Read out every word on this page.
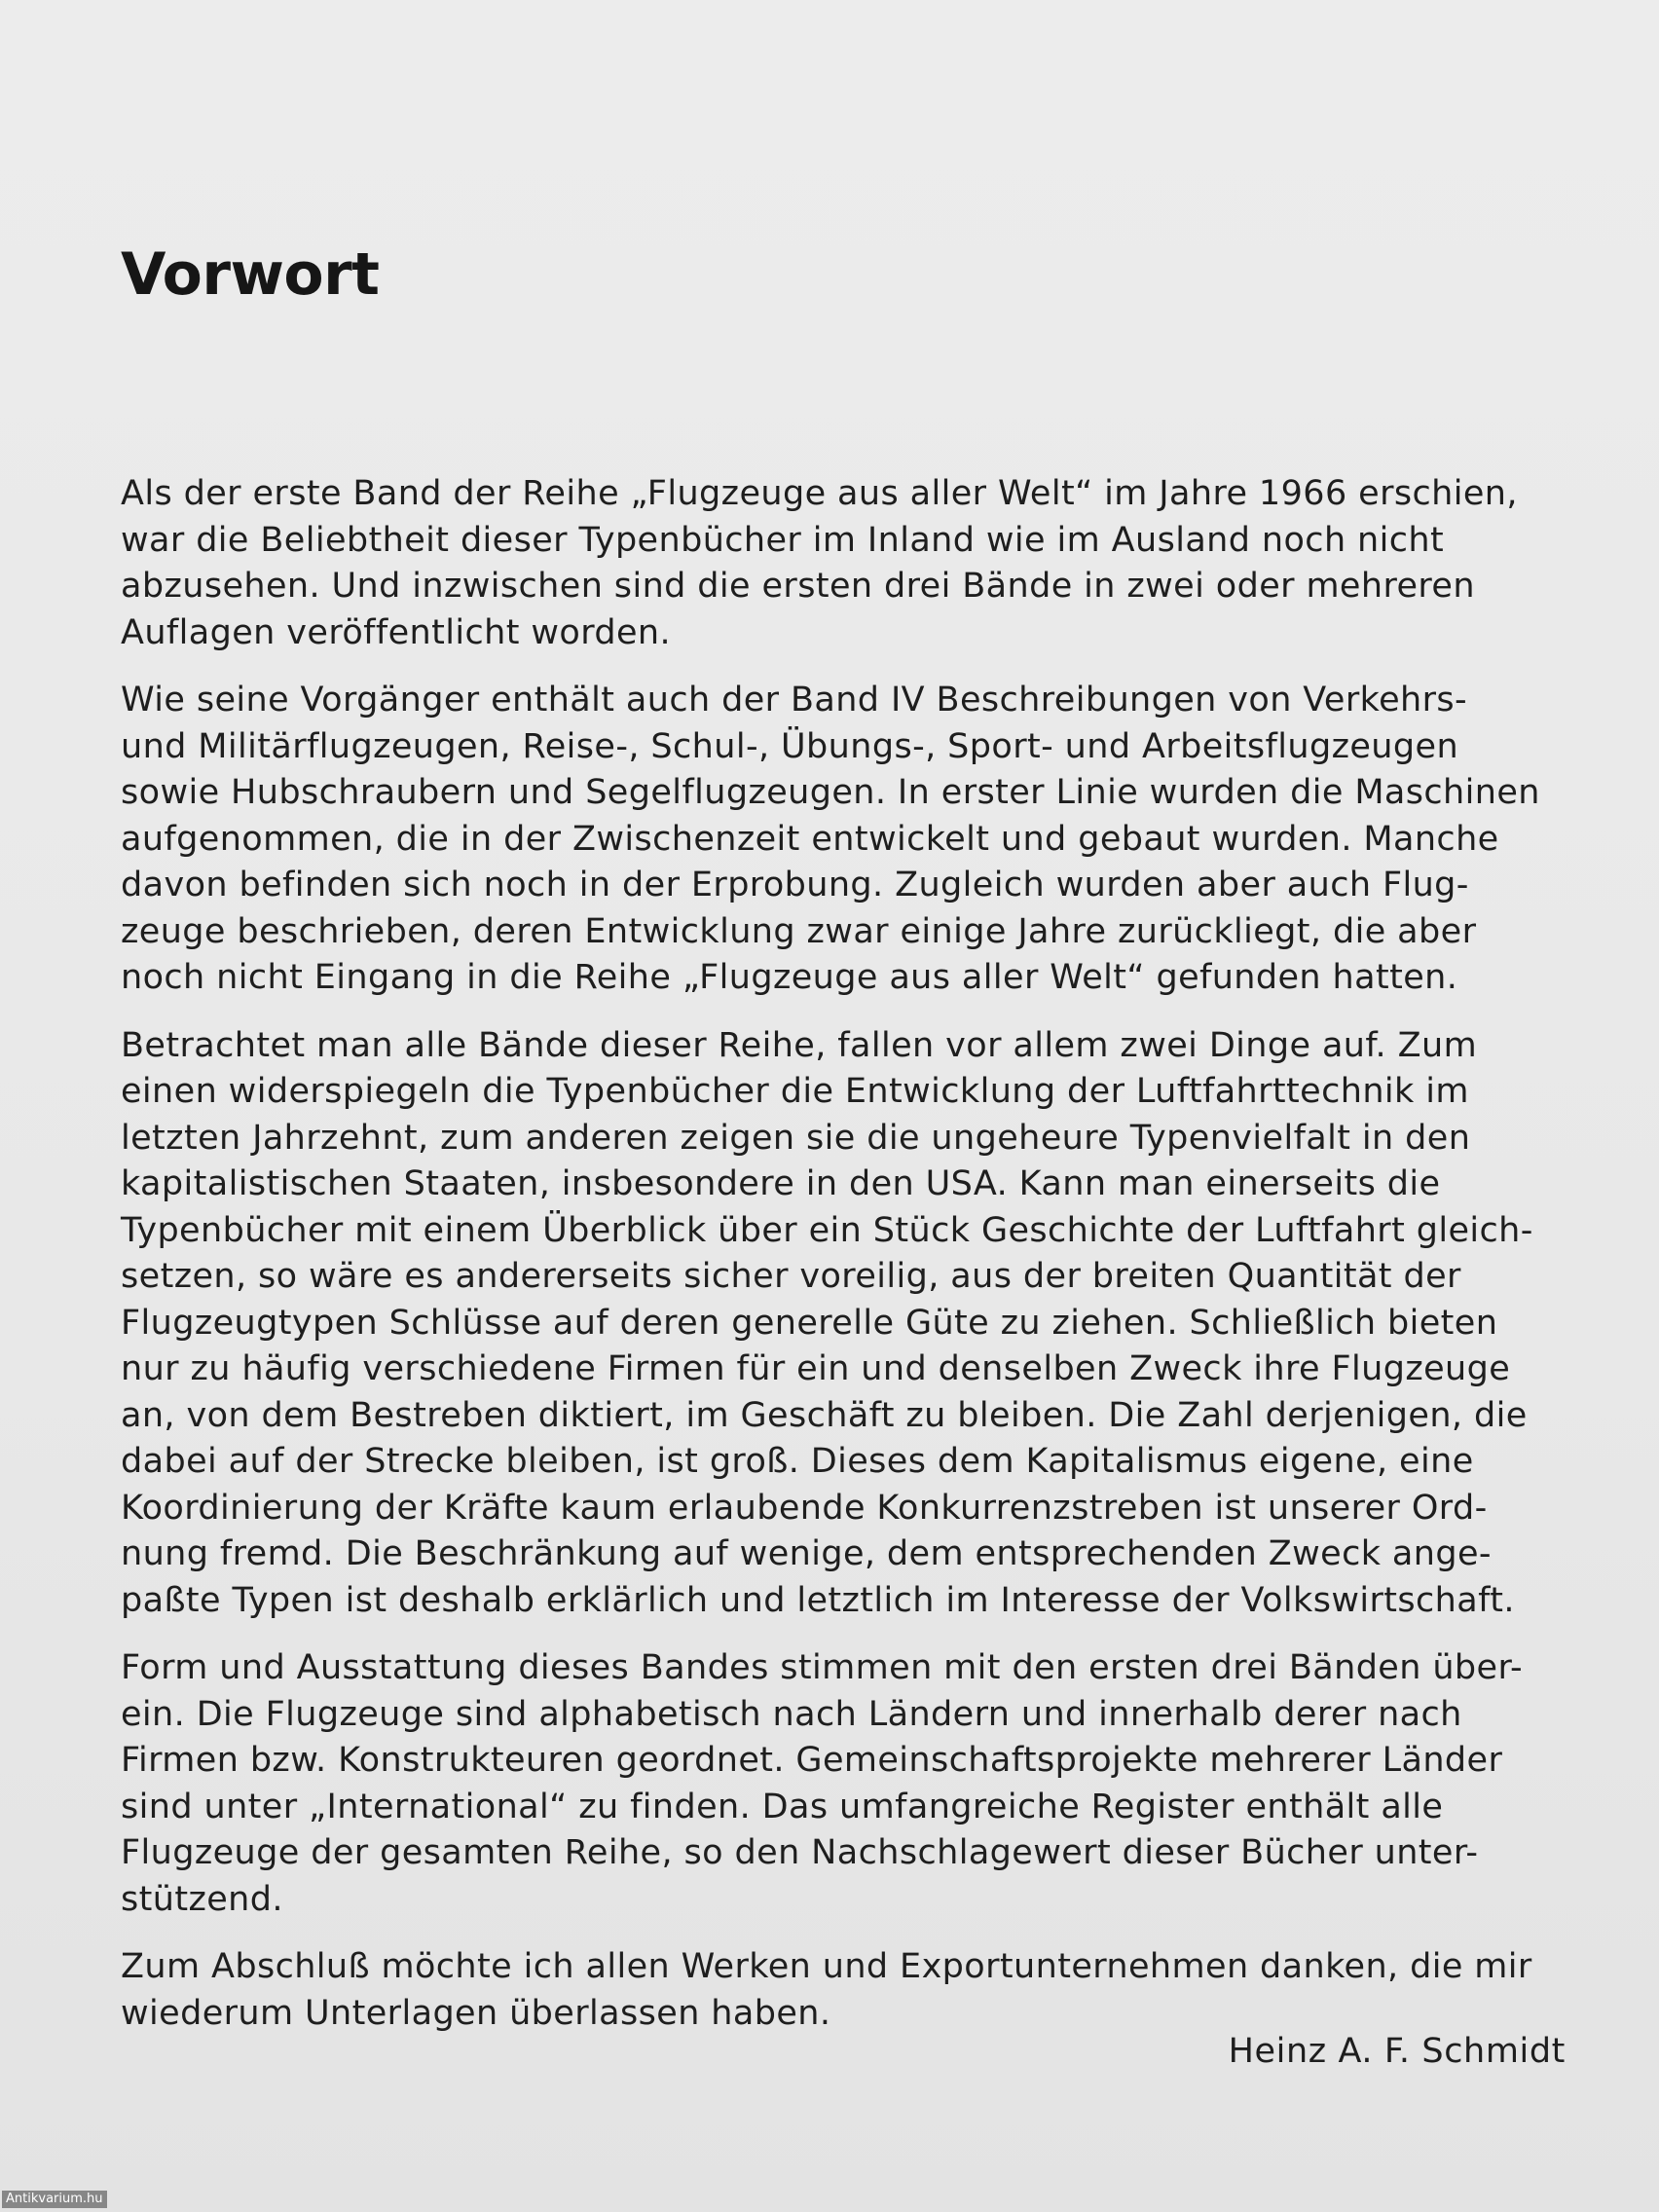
Vorwort

Als der erste Band der Reihe „Flugzeuge aus aller Welt“ im Jahre 1966 erschien,
war die Beliebtheit dieser Typenbücher im Inland wie im Ausland noch nicht
abzusehen. Und inzwischen sind die ersten drei Bände in zwei oder mehreren
Auflagen veröffentlicht worden.

Wie seine Vorgänger enthält auch der Band IV Beschreibungen von Verkehrs-
und Militärflugzeugen, Reise-, Schul-, Übungs-, Sport- und Arbeitsflugzeugen
sowie Hubschraubern und Segelflugzeugen. In erster Linie wurden die Maschinen
aufgenommen, die in der Zwischenzeit entwickelt und gebaut wurden. Manche
davon befinden sich noch in der Erprobung. Zugleich wurden aber auch Flug-
zeuge beschrieben, deren Entwicklung zwar einige Jahre zurückliegt, die aber
noch nicht Eingang in die Reihe „Flugzeuge aus aller Welt“ gefunden hatten.

Betrachtet man alle Bände dieser Reihe, fallen vor allem zwei Dinge auf. Zum
einen widerspiegeln die Typenbücher die Entwicklung der Luftfahrttechnik im
letzten Jahrzehnt, zum anderen zeigen sie die ungeheure Typenvielfalt in den
kapitalistischen Staaten, insbesondere in den USA. Kann man einerseits die
Typenbücher mit einem Überblick über ein Stück Geschichte der Luftfahrt gleich-
setzen, so wäre es andererseits sicher voreilig, aus der breiten Quantität der
Flugzeugtypen Schlüsse auf deren generelle Güte zu ziehen. Schließlich bieten
nur zu häufig verschiedene Firmen für ein und denselben Zweck ihre Flugzeuge
an, von dem Bestreben diktiert, im Geschäft zu bleiben. Die Zahl derjenigen, die
dabei auf der Strecke bleiben, ist groß. Dieses dem Kapitalismus eigene, eine
Koordinierung der Kräfte kaum erlaubende Konkurrenzstreben ist unserer Ord-
nung fremd. Die Beschränkung auf wenige, dem entsprechenden Zweck ange-
paßte Typen ist deshalb erklärlich und letztlich im Interesse der Volkswirtschaft.

Form und Ausstattung dieses Bandes stimmen mit den ersten drei Bänden über-
ein. Die Flugzeuge sind alphabetisch nach Ländern und innerhalb derer nach
Firmen bzw. Konstrukteuren geordnet. Gemeinschaftsprojekte mehrerer Länder
sind unter „International“ zu finden. Das umfangreiche Register enthält alle
Flugzeuge der gesamten Reihe, so den Nachschlagewert dieser Bücher unter-
stützend.

Zum Abschluß möchte ich allen Werken und Exportunternehmen danken, die mir
wiederum Unterlagen überlassen haben.

Heinz A. F. Schmidt
Antikvarium.hu
